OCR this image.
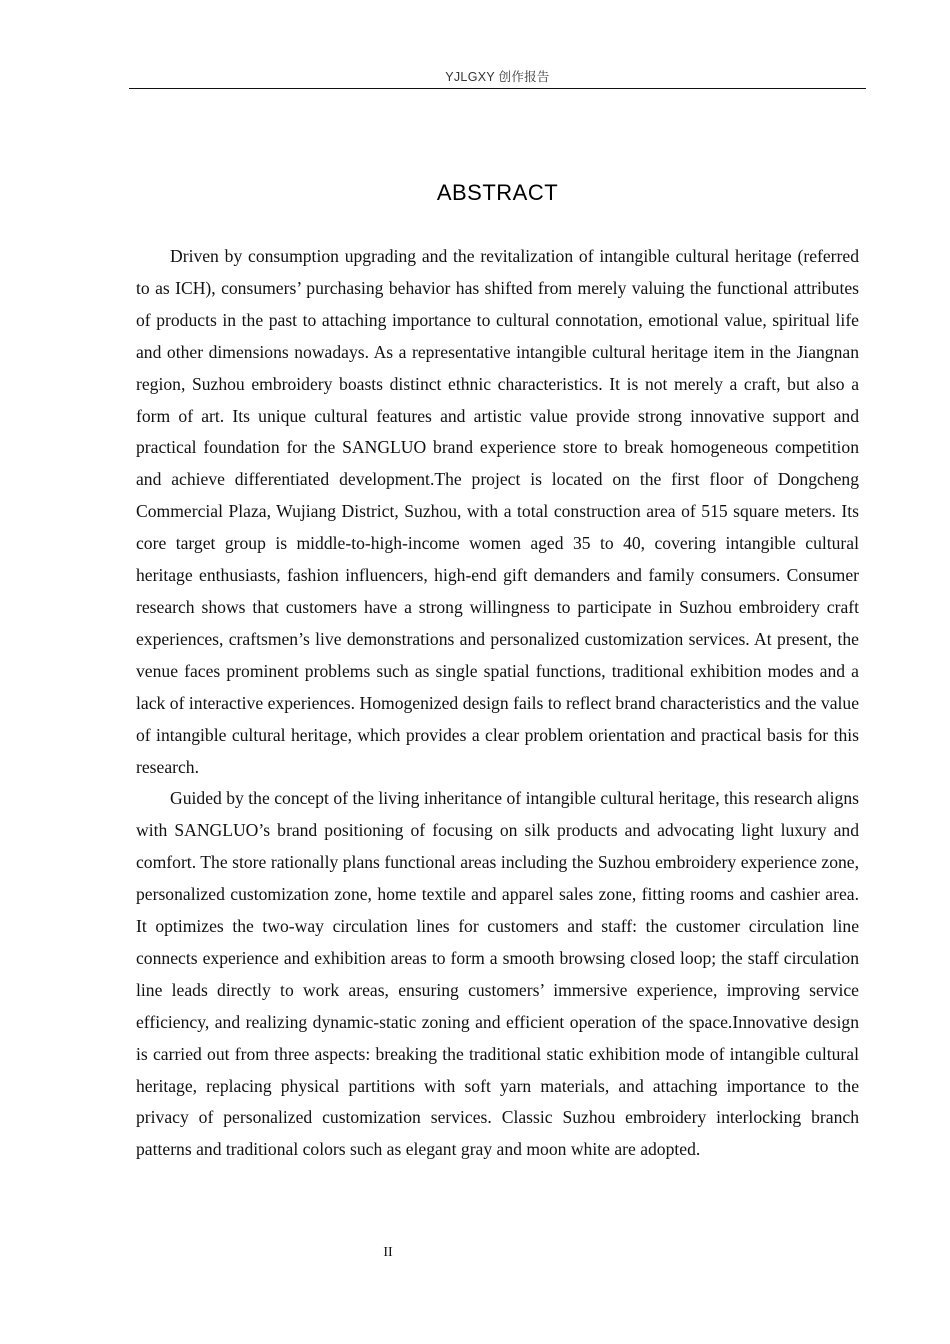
YJLGXY 创作报告
ABSTRACT

Driven by consumption upgrading and the revitalization of intangible cultural heritage (referred to as ICH), consumers’ purchasing behavior has shifted from merely valuing the functional attributes of products in the past to attaching importance to cultural connotation, emotional value, spiritual life and other dimensions nowadays. As a representative intangible cultural heritage item in the Jiangnan region, Suzhou embroidery boasts distinct ethnic characteristics. It is not merely a craft, but also a form of art. Its unique cultural features and artistic value provide strong innovative support and practical foundation for the SANGLUO brand experience store to break homogeneous competition and achieve differentiated development.The project is located on the first floor of Dongcheng Commercial Plaza, Wujiang District, Suzhou, with a total construction area of 515 square meters. Its core target group is middle-to-high-income women aged 35 to 40, covering intangible cultural heritage enthusiasts, fashion influencers, high-end gift demanders and family consumers. Consumer research shows that customers have a strong willingness to participate in Suzhou embroidery craft experiences, craftsmen’s live demonstrations and personalized customization services. At present, the venue faces prominent problems such as single spatial functions, traditional exhibition modes and a lack of interactive experiences. Homogenized design fails to reflect brand characteristics and the value of intangible cultural heritage, which provides a clear problem orientation and practical basis for this research.

Guided by the concept of the living inheritance of intangible cultural heritage, this research aligns with SANGLUO’s brand positioning of focusing on silk products and advocating light luxury and comfort. The store rationally plans functional areas including the Suzhou embroidery experience zone, personalized customization zone, home textile and apparel sales zone, fitting rooms and cashier area. It optimizes the two-way circulation lines for customers and staff: the customer circulation line connects experience and exhibition areas to form a smooth browsing closed loop; the staff circulation line leads directly to work areas, ensuring customers’ immersive experience, improving service efficiency, and realizing dynamic-static zoning and efficient operation of the space.Innovative design is carried out from three aspects: breaking the traditional static exhibition mode of intangible cultural heritage, replacing physical partitions with soft yarn materials, and attaching importance to the privacy of personalized customization services. Classic Suzhou embroidery interlocking branch patterns and traditional colors such as elegant gray and moon white are adopted.

II
